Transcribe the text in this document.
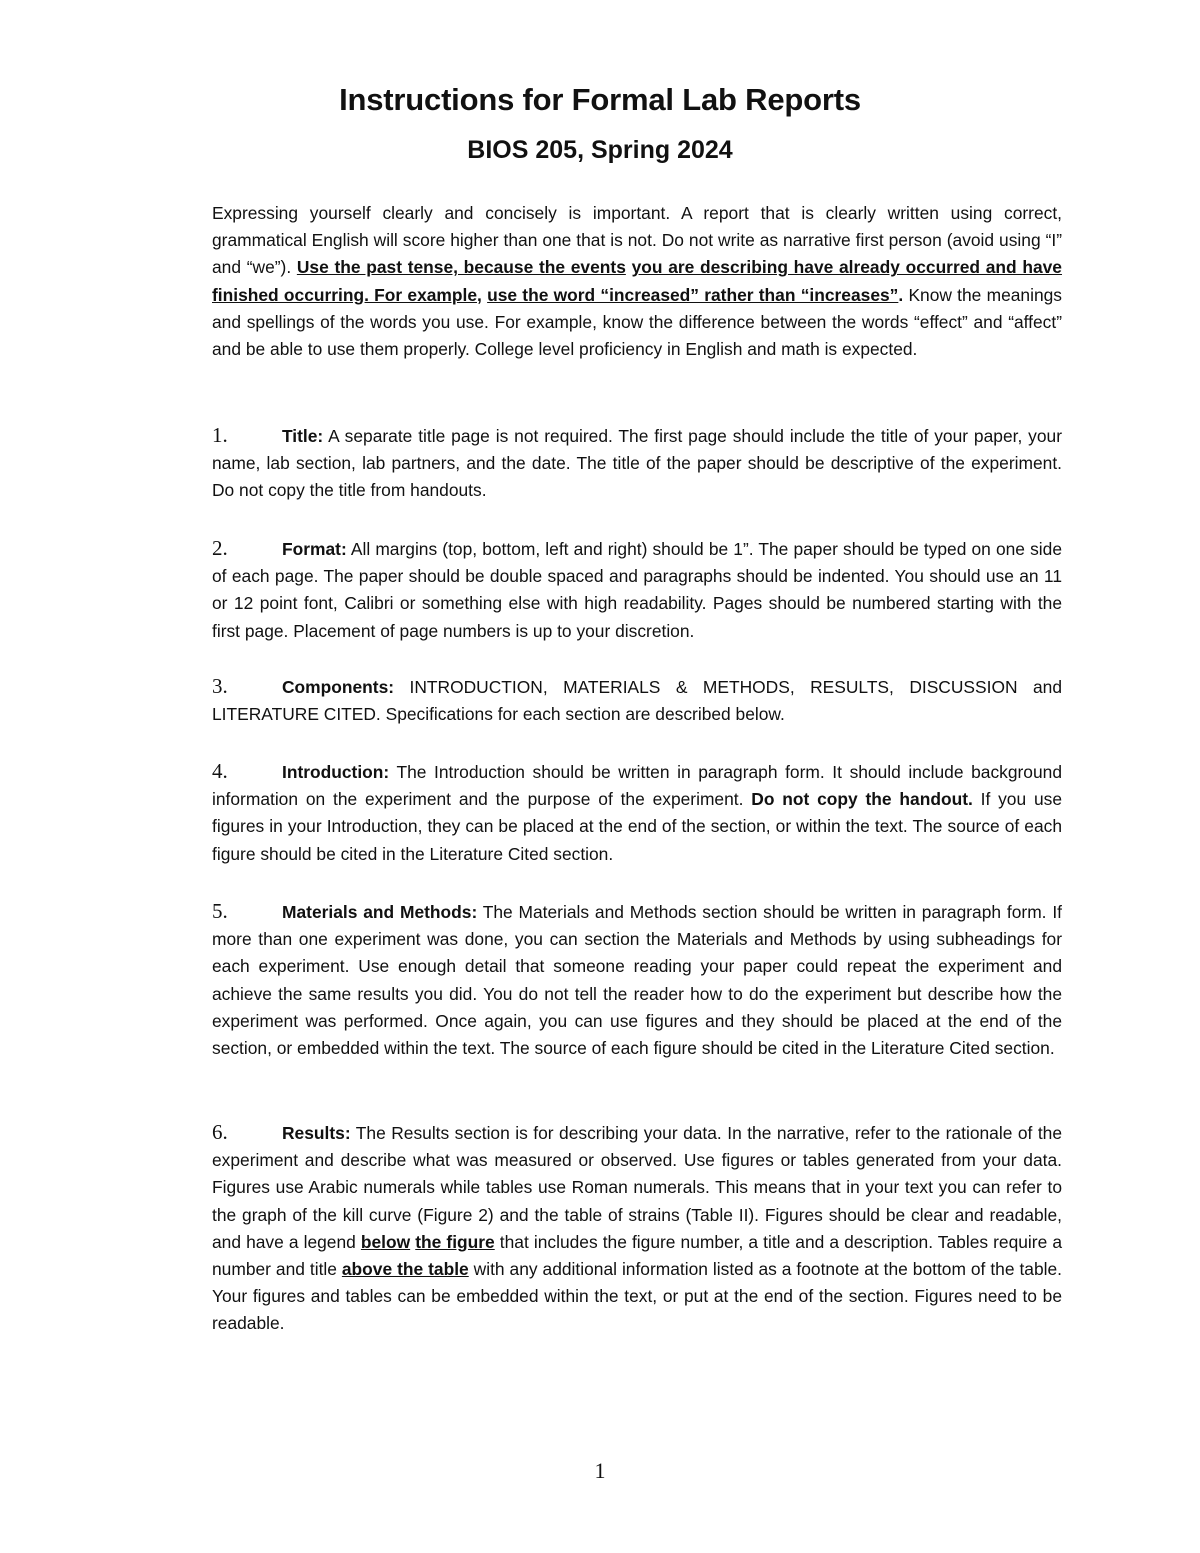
Instructions for Formal Lab Reports
BIOS 205, Spring 2024
Expressing yourself clearly and concisely is important. A report that is clearly written using correct, grammatical English will score higher than one that is not. Do not write as narrative first person (avoid using “I” and “we”). Use the past tense, because the events you are describing have already occurred and have finished occurring. For example, use the word “increased” rather than “increases”. Know the meanings and spellings of the words you use. For example, know the difference between the words “effect” and “affect” and be able to use them properly. College level proficiency in English and math is expected.
1.	Title: A separate title page is not required. The first page should include the title of your paper, your name, lab section, lab partners, and the date. The title of the paper should be descriptive of the experiment. Do not copy the title from handouts.
2.	Format: All margins (top, bottom, left and right) should be 1”. The paper should be typed on one side of each page. The paper should be double spaced and paragraphs should be indented. You should use an 11 or 12 point font, Calibri or something else with high readability. Pages should be numbered starting with the first page. Placement of page numbers is up to your discretion.
3.	Components: INTRODUCTION, MATERIALS & METHODS, RESULTS, DISCUSSION and LITERATURE CITED. Specifications for each section are described below.
4.	Introduction: The Introduction should be written in paragraph form. It should include background information on the experiment and the purpose of the experiment. Do not copy the handout. If you use figures in your Introduction, they can be placed at the end of the section, or within the text. The source of each figure should be cited in the Literature Cited section.
5.	Materials and Methods: The Materials and Methods section should be written in paragraph form. If more than one experiment was done, you can section the Materials and Methods by using subheadings for each experiment. Use enough detail that someone reading your paper could repeat the experiment and achieve the same results you did. You do not tell the reader how to do the experiment but describe how the experiment was performed. Once again, you can use figures and they should be placed at the end of the section, or embedded within the text. The source of each figure should be cited in the Literature Cited section.
6.	Results: The Results section is for describing your data. In the narrative, refer to the rationale of the experiment and describe what was measured or observed. Use figures or tables generated from your data. Figures use Arabic numerals while tables use Roman numerals. This means that in your text you can refer to the graph of the kill curve (Figure 2) and the table of strains (Table II). Figures should be clear and readable, and have a legend below the figure that includes the figure number, a title and a description. Tables require a number and title above the table with any additional information listed as a footnote at the bottom of the table. Your figures and tables can be embedded within the text, or put at the end of the section. Figures need to be readable.
1
